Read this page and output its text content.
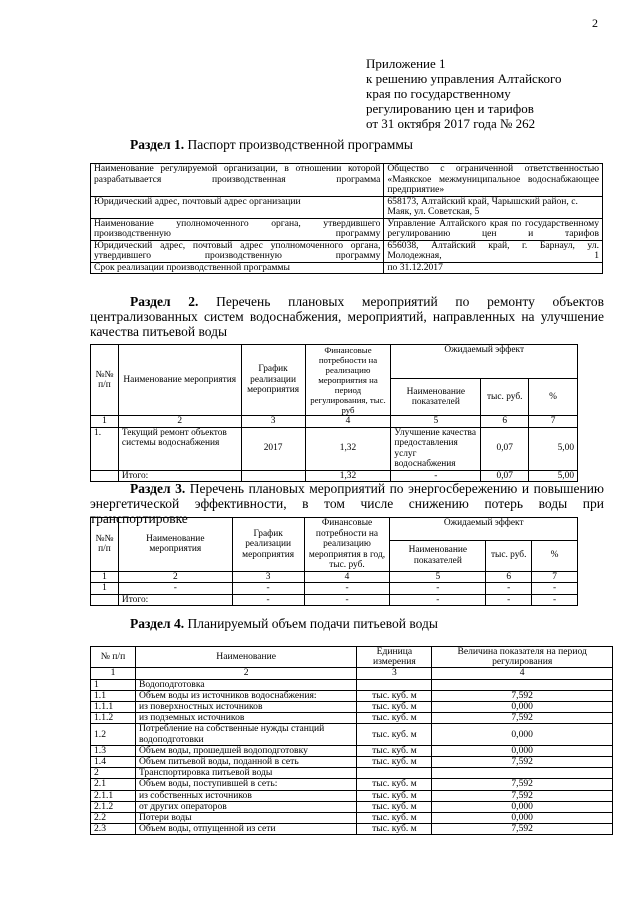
2
Приложение 1
к решению управления Алтайского
края по государственному
регулированию цен и тарифов
от 31 октября 2017 года № 262
Раздел 1. Паспорт производственной программы
Наименование регулируемой организации, в отношении которой разрабатывается производственная программа	Общество с ограниченной ответственностью «Маякское межмуниципальное водоснабжающее предприятие»
Юридический адрес, почтовый адрес организации	658173, Алтайский край, Чарышский район, с. Маяк, ул. Советская, 5
Наименование уполномоченного органа, утвердившего производственную программу	Управление Алтайского края по государственному регулированию цен и тарифов
Юридический адрес, почтовый адрес уполномоченного органа, утвердившего производственную программу	656038, Алтайский край, г. Барнаул, ул. Молодежная, 1
Срок реализации производственной программы	по 31.12.2017
Раздел 2. Перечень плановых мероприятий по ремонту объектов централизованных систем водоснабжения, мероприятий, направленных на улучшение качества питьевой воды
№№ п/п	Наименование мероприятия	График реализации мероприятия	Финансовые потребности на реализацию мероприятия на период регулирования, тыс. руб	Ожидаемый эффект		
				Наименование показателей	тыс. руб.	%
1	2	3	4	5	6	7
1.	Текущий ремонт объектов системы водоснабжения	2017	1,32	Улучшение качества предоставления услуг водоснабжения	0,07	5,00
	Итого:		1,32	-	0,07	5,00
Раздел 3. Перечень плановых мероприятий по энергосбережению и повышению энергетической эффективности, в том числе снижению потерь воды при транспортировке
№№ п/п	Наименование мероприятия	График реализации мероприятия	Финансовые потребности на реализацию мероприятия в год, тыс. руб.	Ожидаемый эффект		
				Наименование показателей	тыс. руб.	%
1	2	3	4	5	6	7
1	-	-	-	-	-	-
	Итого:	-	-	-	-	-
Раздел 4. Планируемый объем подачи питьевой воды
№ п/п	Наименование	Единица измерения	Величина показателя на период регулирования
1	2	3	4
1	Водоподготовка		
1.1	Объем воды из источников водоснабжения:	тыс. куб. м	7,592
1.1.1	из поверхностных источников	тыс. куб. м	0,000
1.1.2	из подземных источников	тыс. куб. м	7,592
1.2	Потребление на собственные нужды станций водоподготовки	тыс. куб. м	0,000
1.3	Объем воды, прошедшей водоподготовку	тыс. куб. м	0,000
1.4	Объем питьевой воды, поданной в сеть	тыс. куб. м	7,592
2	Транспортировка питьевой воды		
2.1	Объем воды, поступившей в сеть:	тыс. куб. м	7,592
2.1.1	из собственных источников	тыс. куб. м	7,592
2.1.2	от других операторов	тыс. куб. м	0,000
2.2	Потери воды	тыс. куб. м	0,000
2.3	Объем воды, отпущенной из сети	тыс. куб. м	7,592
